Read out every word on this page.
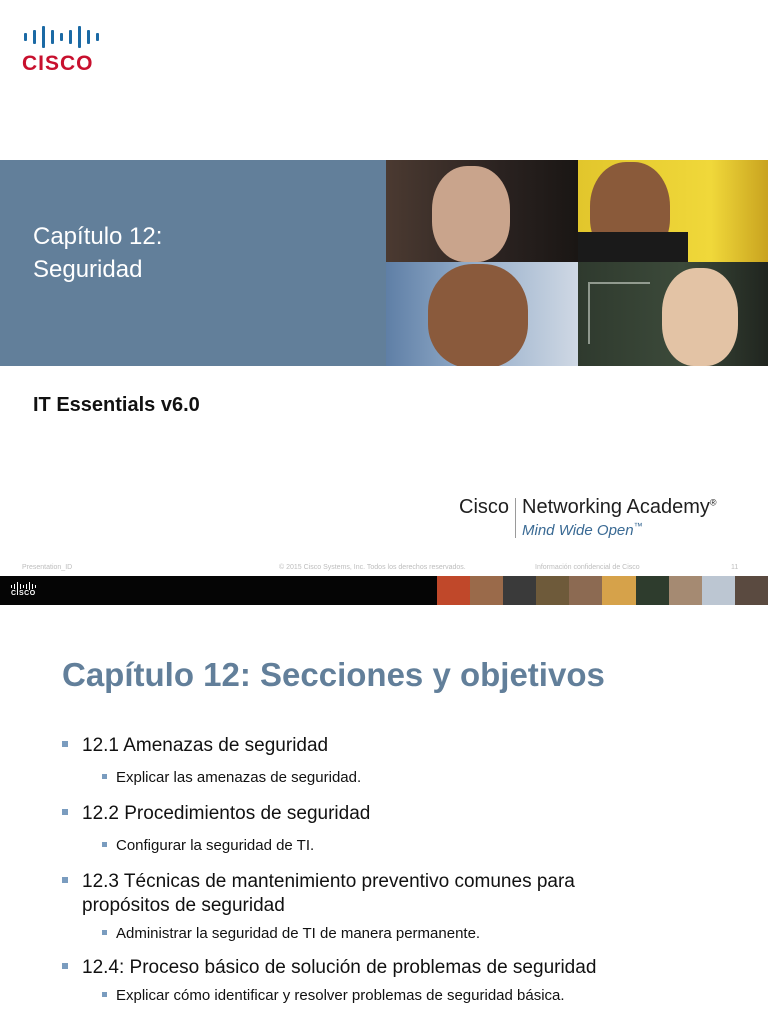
CISCO
Capítulo 12:
Seguridad
IT Essentials v6.0
Cisco Networking Academy®
Mind Wide Open™
Presentation_ID	© 2015 Cisco Systems, Inc. Todos los derechos reservados.	Información confidencial de Cisco	11
CISCO
Capítulo 12: Secciones y objetivos
12.1 Amenazas de seguridad
Explicar las amenazas de seguridad.
12.2 Procedimientos de seguridad
Configurar la seguridad de TI.
12.3 Técnicas de mantenimiento preventivo comunes para propósitos de seguridad
Administrar la seguridad de TI de manera permanente.
12.4: Proceso básico de solución de problemas de seguridad
Explicar cómo identificar y resolver problemas de seguridad básica.
